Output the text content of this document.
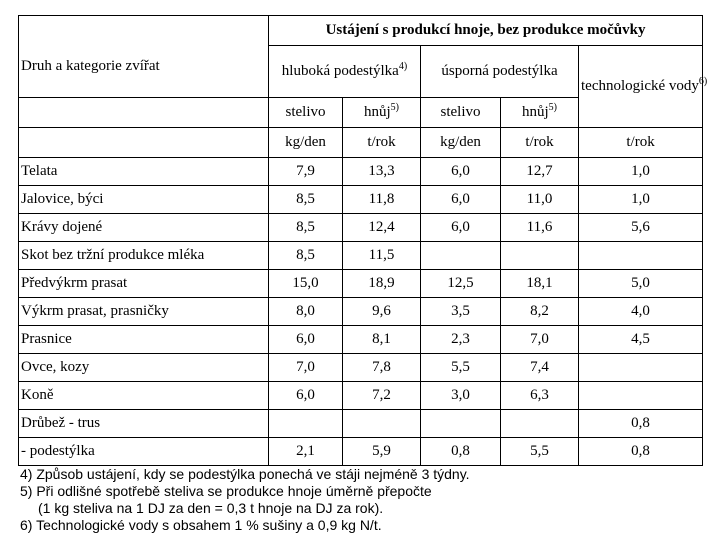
Druh a kategorie zvířat	Ustájení s produkcí hnoje, bez produkce močůvky				
	hluboká podestýlka$^{4)}$		úsporná podestýlka		technologické vody$^{6)}$
	stelivo	hnůj$^{5)}$	stelivo	hnůj$^{5)}$
	kg/den	t/rok	kg/den	t/rok	t/rok
Telata	7,9	13,3	6,0	12,7	1,0
Jalovice, býci	8,5	11,8	6,0	11,0	1,0
Krávy dojené	8,5	12,4	6,0	11,6	5,6
Skot bez tržní produkce mléka	8,5	11,5			
Předvýkrm prasat	15,0	18,9	12,5	18,1	5,0
Výkrm prasat, prasničky	8,0	9,6	3,5	8,2	4,0
Prasnice	6,0	8,1	2,3	7,0	4,5
Ovce, kozy	7,0	7,8	5,5	7,4	
Koně	6,0	7,2	3,0	6,3	
Drůbež - trus					0,8
- podestýlka	2,1	5,9	0,8	5,5	0,8
4) Způsob ustájení, kdy se podestýlka ponechá ve stáji nejméně 3 týdny.
5) Při odlišné spotřebě steliva se produkce hnoje úměrně přepočte
(1 kg steliva na 1 DJ za den = 0,3 t hnoje na DJ za rok).
6) Technologické vody s obsahem 1 % sušiny a 0,9 kg N/t.
